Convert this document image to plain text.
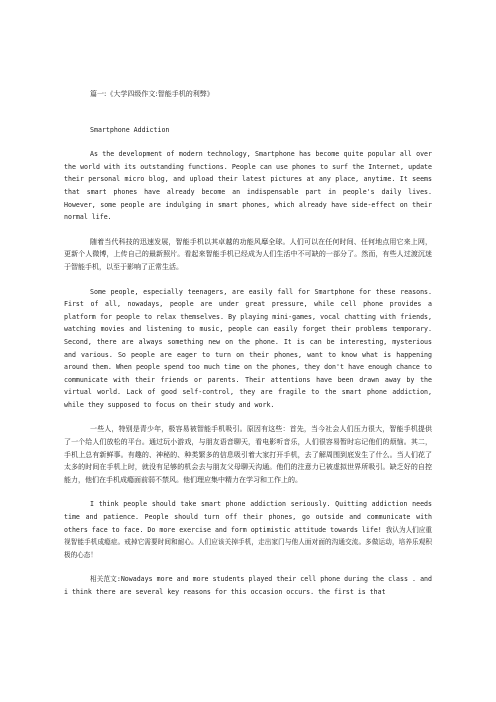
篇一:《大学四级作文:智能手机的利弊》

Smartphone Addiction

As the development of modern technology, Smartphone has become quite popular all over the world with its outstanding functions. People can use phones to surf the Internet, update their personal micro blog, and upload their latest pictures at any place, anytime. It seems that smart phones have already become an indispensable part in people's daily lives. However, some people are indulging in smart phones, which already have side-effect on their normal life.

随着当代科技的迅速发展，智能手机以其卓越的功能风靡全球。人们可以在任何时间、任何地点用它来上网，更新个人微博，上传自己的最新照片。看起来智能手机已经成为人们生活中不可缺的一部分了。然而，有些人过渡沉迷于智能手机，以至于影响了正常生活。

Some people, especially teenagers, are easily fall for Smartphone for these reasons. First of all, nowadays, people are under great pressure, while cell phone provides a platform for people to relax themselves. By playing mini-games, vocal chatting with friends, watching movies and listening to music, people can easily forget their problems temporary. Second, there are always something new on the phone. It is can be interesting, mysterious and various. So people are eager to turn on their phones, want to know what is happening around them. When people spend too much time on the phones, they don't have enough chance to communicate with their friends or parents. Their attentions have been drawn away by the virtual world. Lack of good self-control, they are fragile to the smart phone addiction, while they supposed to focus on their study and work.

一些人，特别是青少年，极容易被智能手机吸引。原因有这些：首先，当今社会人们压力很大，智能手机提供了一个给人们放松的平台。通过玩小游戏，与朋友语音聊天，看电影听音乐，人们很容易暂时忘记他们的烦恼。其二，手机上总有新鲜事。有趣的、神秘的、种类繁多的信息吸引着大家打开手机，去了解周围到底发生了什么。当人们花了太多的时间在手机上时，就没有足够的机会去与朋友父母聊天沟通。他们的注意力已被虚拟世界所吸引。缺乏好的自控能力，他们在手机成瘾面前弱不禁风。他们理应集中精力在学习和工作上的。

I think people should take smart phone addiction seriously. Quitting addiction needs time and patience. People should turn off their phones, go outside and communicate with others face to face. Do more exercise and form optimistic attitude towards life! 我认为人们应重视智能手机成瘾症。戒掉它需要时间和耐心。人们应该关掉手机，走出家门与他人面对面的沟通交流。多做运动，培养乐观积极的心态！

相关范文:Nowadays more and more students played their cell phone during the class . and i think there are several key reasons for this occasion occurs. the first is that
